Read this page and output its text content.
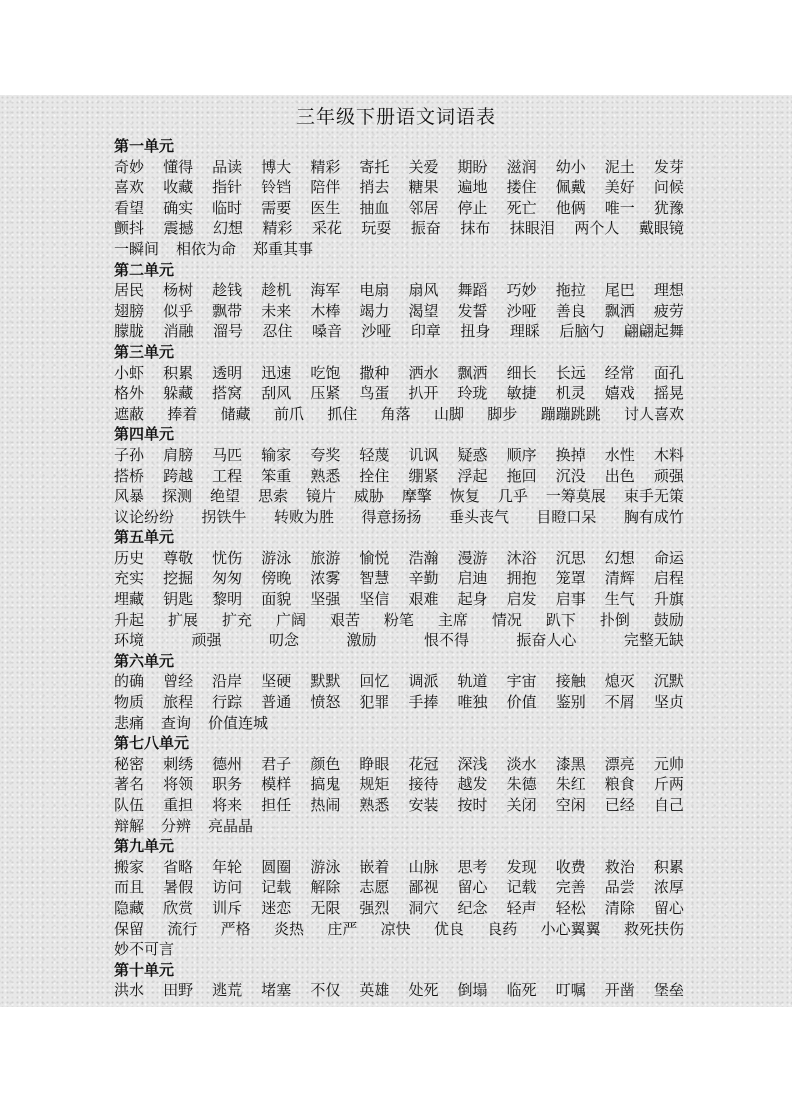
三年级下册语文词语表
第一单元
奇妙 懂得 品读 博大 精彩 寄托 关爱 期盼 滋润 幼小 泥土 发芽
喜欢 收藏 指针 铃铛 陪伴 捎去 糖果 遍地 搂住 佩戴 美好 问候
看望 确实 临时 需要 医生 抽血 邻居 停止 死亡 他俩 唯一 犹豫
颤抖 震撼 幻想 精彩 采花 玩耍 振奋 抹布 抹眼泪 两个人 戴眼镜
一瞬间 相依为命 郑重其事
第二单元
居民 杨树 趁钱 趁机 海军 电扇 扇风 舞蹈 巧妙 拖拉 尾巴 理想
翅膀 似乎 飘带 未来 木棒 竭力 渴望 发誓 沙哑 善良 飘洒 疲劳
朦胧 消融 溜号 忍住 嗓音 沙哑 印章 扭身 理睬 后脑勺 翩翩起舞
第三单元
小虾 积累 透明 迅速 吃饱 撒种 洒水 飘洒 细长 长远 经常 面孔
格外 躲藏 搭窝 刮风 压紧 鸟蛋 扒开 玲珑 敏捷 机灵 嬉戏 摇晃
遮蔽 捧着 储藏 前爪 抓住 角落 山脚 脚步 蹦蹦跳跳 讨人喜欢
第四单元
子孙 肩膀 马匹 输家 夸奖 轻蔑 讥讽 疑惑 顺序 换掉 水性 木料
搭桥 跨越 工程 笨重 熟悉 拴住 绷紧 浮起 拖回 沉没 出色 顽强
风暴 探测 绝望 思索 镜片 威胁 摩擎 恢复 几乎 一筹莫展 束手无策
议论纷纷 拐铁牛 转败为胜 得意扬扬 垂头丧气 目瞪口呆 胸有成竹
第五单元
历史 尊敬 忧伤 游泳 旅游 愉悦 浩瀚 漫游 沐浴 沉思 幻想 命运
充实 挖掘 匆匆 傍晚 浓雾 智慧 辛勤 启迪 拥抱 笼罩 清辉 启程
埋藏 钥匙 黎明 面貌 坚强 坚信 艰难 起身 启发 启事 生气 升旗
升起 扩展 扩充 广阔 艰苦 粉笔 主席 情况 趴下 扑倒 鼓励
环境	顽强	叨念	激励	恨不得	振奋人心	完整无缺
第六单元
的确 曾经 沿岸 坚硬 默默 回忆 调派 轨道 宇宙 接触 熄灭 沉默
物质 旅程 行踪 普通 愤怒 犯罪 手捧 唯独 价值 鉴别 不屑 坚贞
悲痛 查询 价值连城
第七八单元
秘密 刺绣 德州 君子 颜色 睁眼 花冠 深浅 淡水 漆黑 漂亮 元帅
著名 将领 职务 模样 搞鬼 规矩 接待 越发 朱德 朱红 粮食 斤两
队伍 重担 将来 担任 热闹 熟悉 安装 按时 关闭 空闲 已经 自己
辩解 分辨 亮晶晶
第九单元
搬家 省略 年轮 圆圈 游泳 嵌着 山脉 思考 发现 收费 救治 积累
而且 暑假 访问 记载 解除 志愿 鄙视 留心 记载 完善 品尝 浓厚
隐藏 欣赏 训斥 迷恋 无限 强烈 洞穴 纪念 轻声 轻松 清除 留心
保留 流行 严格 炎热 庄严 凉快 优良 良药 小心翼翼 救死扶伤
妙不可言
第十单元
洪水 田野 逃荒 堵塞 不仅 英雄 处死 倒塌 临死 叮嘱 开凿 堡垒
